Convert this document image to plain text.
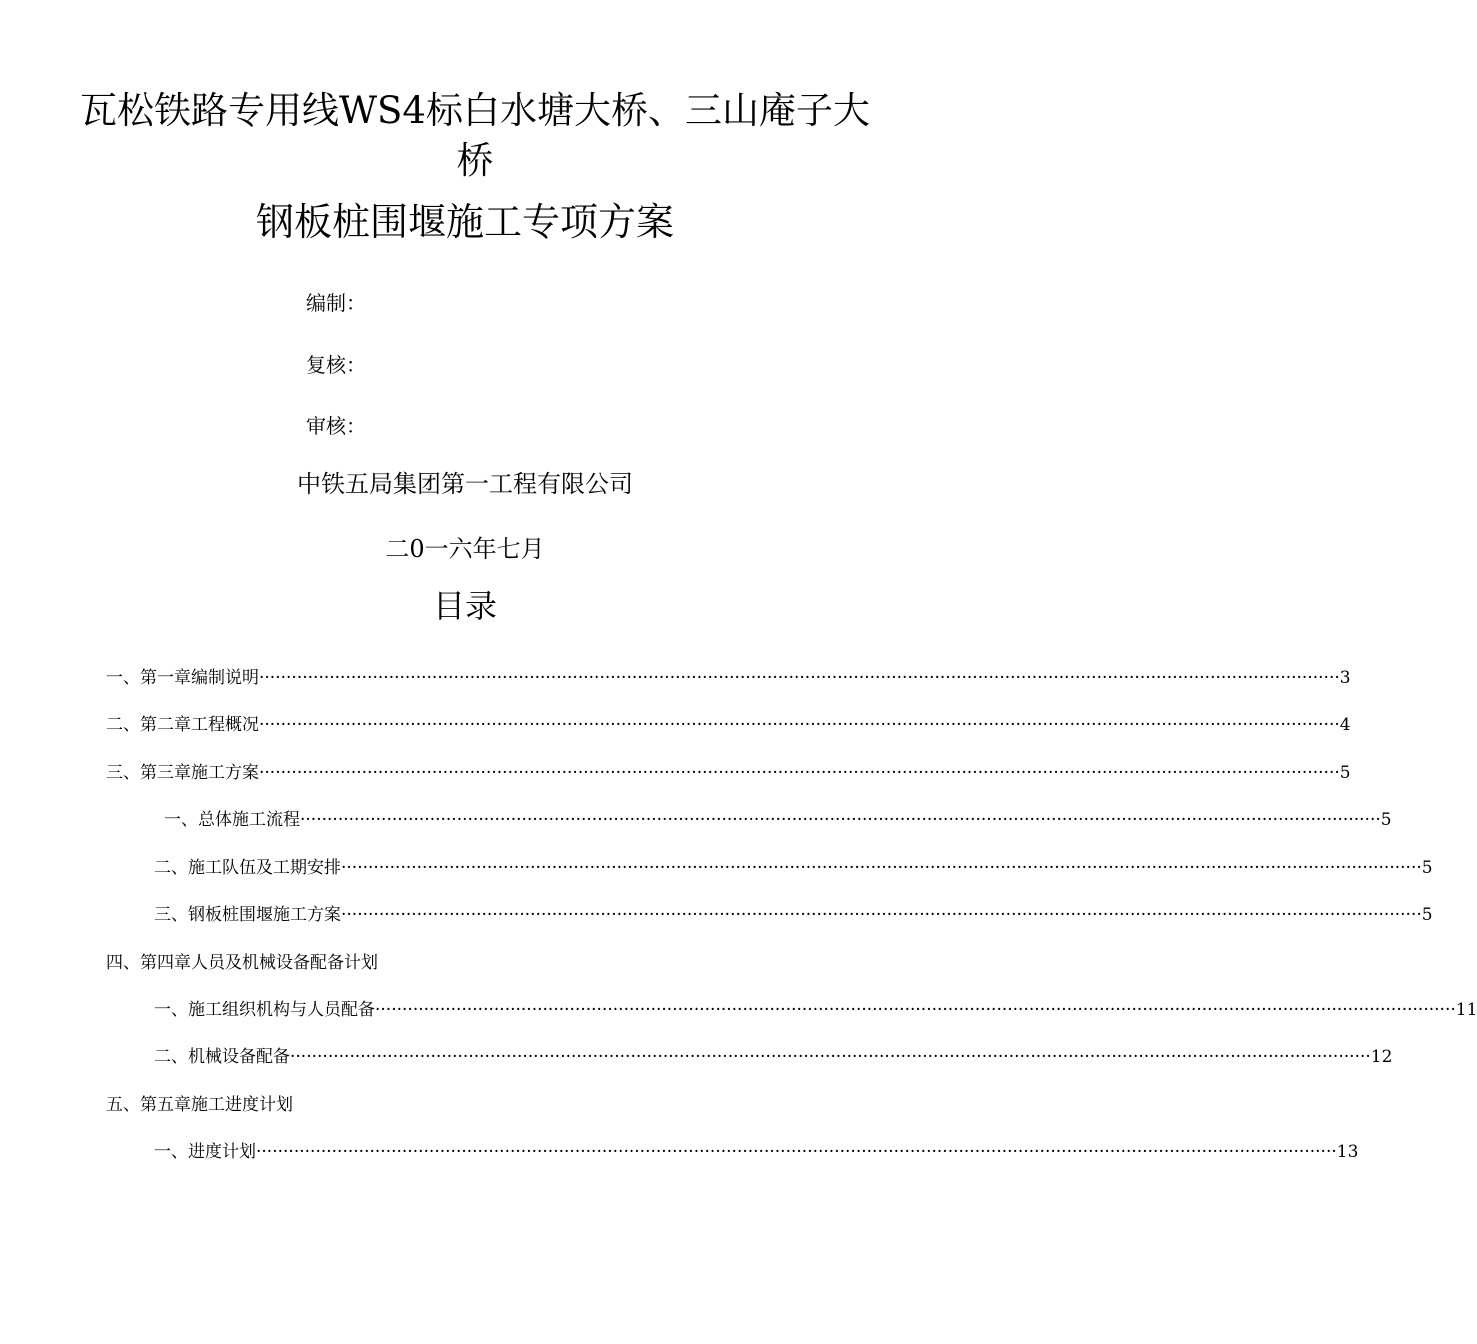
瓦松铁路专用线WS4标白水塘大桥、三山庵子大
桥
钢板桩围堰施工专项方案
编制：
复核：
审核：
中铁五局集团第一工程有限公司
二0一六年七月
目录
一、第一章编制说明 ········································································································································································································ 3
二、第二章工程概况 ········································································································································································································ 4
三、第三章施工方案 ········································································································································································································ 5
一、总体施工流程 ········································································································································································································ 5
二、施工队伍及工期安排 ········································································································································································································ 5
三、钢板桩围堰施工方案 ········································································································································································································ 5
四、第四章人员及机械设备配备计划
一、施工组织机构与人员配备 ········································································································································································································ 11
二、机械设备配备 ········································································································································································································ 12
五、第五章施工进度计划
一、进度计划 ········································································································································································································ 13
